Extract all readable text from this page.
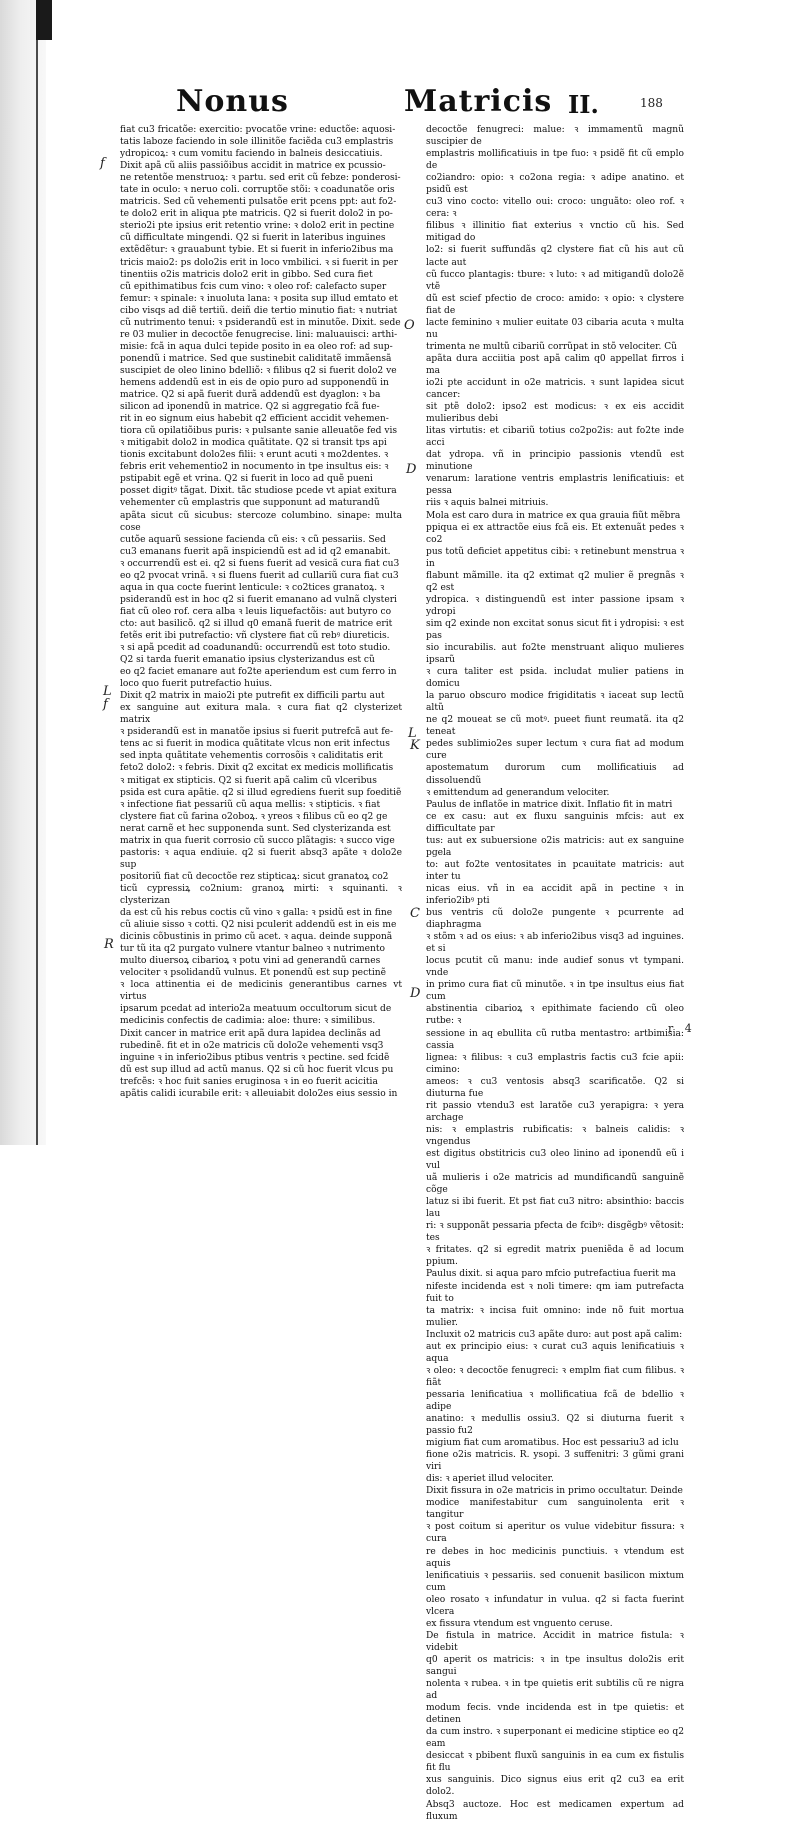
Nonus	Matricis II.	188
f
L
f
R
O
D
L
K
C
D

fiat cu3 fricatõe: exercitio: pvocatõe vrine: eductõe: aquosi-

tatis laboze faciendo in sole illinitõe faciẽda cu3 emplastris

ydropicoꝝ: ꝛ cum vomitu faciendo in balneis desiccatiuis.

Dixit apã cũ aliis passiõibus accidit in matrice ex pcussio-

ne retentõe menstruoꝝ: ꝛ partu. sed erit cũ febze: ponderosi-

tate in oculo: ꝛ neruo coli. corruptõe stõi: ꝛ coadunatõe oris

matricis. Sed cũ vehementi pulsatõe erit pcens ppt: aut fo2-

te dolo2 erit in aliqua pte matricis. Q2 si fuerit dolo2 in po-

sterio2i pte ipsius erit retentio vrine: ꝛ dolo2 erit in pectine

cũ difficultate mingendi. Q2 si fuerit in lateribus inguines

extẽdẽtur: ꝛ grauabunt tybie. Et si fuerit in inferio2ibus ma

tricis maio2: ps dolo2is erit in loco vmbilici. ꝛ si fuerit in per

tinentiis o2is matricis dolo2 erit in gibbo. Sed cura fiet

cũ epithimatibus fcis cum vino: ꝛ oleo rof: calefacto super

femur: ꝛ spinale: ꝛ inuoluta lana: ꝛ posita sup illud emtato et

cibo visqs ad diẽ tertiũ. deiñ die tertio minutio fiat: ꝛ nutriat

cũ nutrimento tenui: ꝛ psiderandũ est in minutõe. Dixit. sede

re 03 mulier in decoctõe fenugrecise. lini: maluauisci: arthi-

misie: fcã in aqua dulci tepide posito in ea oleo rof: ad sup-

ponendũ i matrice. Sed que sustinebit caliditatẽ immãensã

suscipiet de oleo linino bdelliõ: ꝛ filibus q2 si fuerit dolo2 ve

hemens addendũ est in eis de opio puro ad supponendũ in

matrice. Q2 si apã fuerit durã addendũ est dyaglon: ꝛ ba

silicon ad iponendũ in matrice. Q2 si aggregatio fcã fue-

rit in eo signum eius habebit q2 efficient accidit vehemen-

tiora cũ opilatiõibus puris: ꝛ pulsante sanie alleuatõe fed vis

ꝛ mitigabit dolo2 in modica quãtitate. Q2 si transit tps api

tionis excitabunt dolo2es filii: ꝛ erunt acuti ꝛ mo2dentes. ꝛ

febris erit vehementio2 in nocumento in tpe insultus eis: ꝛ

pstipabit egẽ et vrina. Q2 si fuerit in loco ad quẽ pueni

posset digitꝰ tãgat. Dixit. tãc studiose pcede vt apiat exitura

vehementer cũ emplastris que supponunt ad maturandũ

apãta sicut cũ sicubus: stercoze columbino. sinape: multa cose

cutõe aquarũ sessione facienda cũ eis: ꝛ cũ pessariis. Sed

cu3 emanans fuerit apã inspiciendũ est ad id q2 emanabit.

ꝛ occurrendũ est ei. q2 si fuens fuerit ad vesicã cura fiat cu3

eo q2 pvocat vrinã. ꝛ si fluens fuerit ad cullariũ cura fiat cu3

aqua in qua cocte fuerint lenticule: ꝛ co2tices granatoꝝ. ꝛ

psiderandũ est in hoc q2 si fuerit emanano ad vulnã clysteri

fiat cũ oleo rof. cera alba ꝛ leuis liquefactõis: aut butyro co

cto: aut basilicõ. q2 si illud q0 emanã fuerit de matrice erit

fetẽs erit ibi putrefactio: vñ clystere fiat cũ rebꝰ diureticis.

ꝛ si apã pcedit ad coadunandũ: occurrendũ est toto studio.

Q2 si tarda fuerit emanatio ipsius clysterizandus est cũ

eo q2 faciet emanare aut fo2te aperiendum est cum ferro in

loco quo fuerit putrefactio huius.

Dixit q2 matrix in maio2i pte putrefit ex difficili partu aut

ex sanguine aut exitura mala. ꝛ cura fiat q2 clysterizet matrix

ꝛ psiderandũ est in manatõe ipsius si fuerit putrefcã aut fe-

tens ac si fuerit in modica quãtitate vlcus non erit infectus

sed inpta quãtitate vehementis corrosõis ꝛ caliditatis erit

feto2 dolo2: ꝛ febris. Dixit q2 excitat ex medicis mollificatis

ꝛ mitigat ex stipticis. Q2 si fuerit apã calim cũ vlceribus

psida est cura apãtie. q2 si illud egrediens fuerit sup foeditiẽ

ꝛ infectione fiat pessariũ cũ aqua mellis: ꝛ stipticis. ꝛ fiat

clystere fiat cũ farina o2oboꝝ. ꝛ yreos ꝛ filibus cũ eo q2 ge

nerat carnẽ et hec supponenda sunt. Sed clysterizanda est

matrix in qua fuerit corrosio cũ succo plãtagis: ꝛ succo vige

pastoris: ꝛ aqua endiuie. q2 si fuerit absq3 apãte ꝛ dolo2e sup

positoriũ fiat cũ decoctõe rez stipticaꝝ: sicut granatoꝝ co2

ticũ cypressiꝝ co2nium: granoꝝ mirti: ꝛ squinanti. ꝛ clysterizan

da est cũ his rebus coctis cũ vino ꝛ galla: ꝛ psidũ est in fine

cũ aliuie sisso ꝛ cotti. Q2 nisi pculerit addendũ est in eis me

dicinis cõbustinis in primo cũ acet. ꝛ aqua. deinde supponã

tur tũ ita q2 purgato vulnere vtantur balneo ꝛ nutrimento

multo diuersoꝝ cibarioꝝ ꝛ potu vini ad generandũ carnes

velociter ꝛ psolidandũ vulnus. Et ponendũ est sup pectinẽ

ꝛ loca attinentia ei de medicinis generantibus carnes vt virtus

ipsarum pcedat ad interio2a meatuum occultorum sicut de

medicinis confectis de cadimia: aloe: thure: ꝛ similibus.

Dixit cancer in matrice erit apã dura lapidea declinãs ad

rubedinẽ. fit et in o2e matricis cũ dolo2e vehementi vsq3

inguine ꝛ in inferio2ibus ptibus ventris ꝛ pectine. sed fcidẽ

dũ est sup illud ad actũ manus. Q2 si cũ hoc fuerit vlcus pu

trefcẽs: ꝛ hoc fuit sanies eruginosa ꝛ in eo fuerit acicitia

apãtis calidi icurabile erit: ꝛ alleuiabit dolo2es eius sessio in

decoctõe fenugreci: malue: ꝛ immamentũ magnũ suscipier de

emplastris mollificatiuis in tpe fuo: ꝛ psidẽ fit cũ emplo de

co2iandro: opio: ꝛ co2ona regia: ꝛ adipe anatino. et psidũ est

cu3 vino cocto: vitello oui: croco: unguãto: oleo rof. ꝛ cera: ꝛ

filibus ꝛ illinitio fiat exterius ꝛ vnctio cũ his. Sed mitigad do

lo2: si fuerit suffundãs q2 clystere fiat cũ his aut cũ lacte aut

cũ fucco plantagis: tbure: ꝛ luto: ꝛ ad mitigandũ dolo2ẽ vtẽ

dũ est scief pfectio de croco: amido: ꝛ opio: ꝛ clystere fiat de

lacte feminino ꝛ mulier euitate 03 cibaria acuta ꝛ multa nu

trimenta ne multũ cibariũ corrũpat in stõ velociter. Cũ

apãta dura acciitia post apã calim q0 appellat firros i ma

io2i pte accidunt in o2e matricis. ꝛ sunt lapidea sicut cancer:

sit ptẽ dolo2: ipso2 est modicus: ꝛ ex eis accidit mulieribus debi

litas virtutis: et cibariũ totius co2po2is: aut fo2te inde acci

dat ydropa. vñ in principio passionis vtendũ est minutione

venarum: laratione ventris emplastris lenificatiuis: et pessa

riis ꝛ aquis balnei mitriuis.

Mola est caro dura in matrice ex qua grauia fiũt mẽbra

ppiqua ei ex attractõe eius fcã eis. Et extenuãt pedes ꝛ co2

pus totũ deficiet appetitus cibi: ꝛ retinebunt menstrua ꝛ in

flabunt mãmille. ita q2 extimat q2 mulier ẽ pregnãs ꝛ q2 est

ydropica. ꝛ distinguendũ est inter passione ipsam ꝛ ydropi

sim q2 exinde non excitat sonus sicut fit i ydropisi: ꝛ est pas

sio incurabilis. aut fo2te menstruant aliquo mulieres ipsarũ

ꝛ cura taliter est psida. includat mulier patiens in domicu

la paruo obscuro modice frigiditatis ꝛ iaceat sup lectũ altũ

ne q2 moueat se cũ motꝰ. pueet fiunt reumatã. ita q2 teneat

pedes sublimio2es super lectum ꝛ cura fiat ad modum cure

apostematum durorum cum mollificatiuis ad dissoluendũ

ꝛ emittendum ad generandum velociter.

Paulus de inflatõe in matrice dixit. Inflatio fit in matri

ce ex casu: aut ex fluxu sanguinis mfcis: aut ex difficultate par

tus: aut ex subuersione o2is matricis: aut ex sanguine pgela

to: aut fo2te ventositates in pcauitate matricis: aut inter tu

nicas eius. vñ in ea accidit apã in pectine ꝛ in inferio2ibꝰ pti

bus ventris cũ dolo2e pungente ꝛ pcurrente ad diaphragma

ꝛ stõm ꝛ ad os eius: ꝛ ab inferio2ibus visq3 ad inguines. et si

locus pcutit cũ manu: inde audief sonus vt tympani. vnde

in primo cura fiat cũ minutõe. ꝛ in tpe insultus eius fiat cum

abstinentia cibarioꝝ ꝛ epithimate faciendo cũ oleo rutbe: ꝛ

sessione in aq ebullita cũ rutba mentastro: artbimisia: cassia

lignea: ꝛ filibus: ꝛ cu3 emplastris factis cu3 fcie apii: cimino:

ameos: ꝛ cu3 ventosis absq3 scarificatõe. Q2 si diuturna fue

rit passio vtendu3 est laratõe cu3 yerapigra: ꝛ yera archage

nis: ꝛ emplastris rubificatis: ꝛ balneis calidis: ꝛ vngendus

est digitus obstitricis cu3 oleo linino ad iponendũ eũ i vul

uã mulieris i o2e matricis ad mundificandũ sanguinẽ cõge

latuz si ibi fuerit. Et pst fiat cu3 nitro: absinthio: baccis lau

ri: ꝛ supponãt pessaria pfecta de fcibꝰ: disgẽgbꝰ vẽtosit: tes

ꝛ fritates. q2 si egredit matrix pueniẽda ẽ ad locum ppium.

Paulus dixit. si aqua paro mfcio putrefactiua fuerit ma

nifeste incidenda est ꝛ noli timere: qm iam putrefacta fuit to

ta matrix: ꝛ incisa fuit omnino: inde nõ fuit mortua mulier.

Incluxit o2 matricis cu3 apãte duro: aut post apã calim:

aut ex principio eius: ꝛ curat cu3 aquis lenificatiuis ꝛ aqua

ꝛ oleo: ꝛ decoctõe fenugreci: ꝛ emplm fiat cum filibus. ꝛ fiãt

pessaria lenificatiua ꝛ mollificatiua fcã de bdellio ꝛ adipe

anatino: ꝛ medullis ossiu3. Q2 si diuturna fuerit ꝛ passio fu2

migium fiat cum aromatibus. Hoc est pessariu3 ad iclu

fione o2is matricis. R. ysopi. 3 suffenitri: 3 gũmi grani viri

dis: ꝛ aperiet illud velociter.

Dixit fissura in o2e matricis in primo occultatur. Deinde

modice manifestabitur cum sanguinolenta erit ꝛ tangitur

ꝛ post coitum si aperitur os vulue videbitur fissura: ꝛ cura

re debes in hoc medicinis punctiuis. ꝛ vtendum est aquis

lenificatiuis ꝛ pessariis. sed conuenit basilicon mixtum cum

oleo rosato ꝛ infundatur in vulua. q2 si facta fuerint vlcera

ex fissura vtendum est vnguento ceruse.

De fistula in matrice. Accidit in matrice fistula: ꝛ videbit

q0 aperit os matricis: ꝛ in tpe insultus dolo2is erit sangui

nolenta ꝛ rubea. ꝛ in tpe quietis erit subtilis cũ re nigra ad

modum fecis. vnde incidenda est in tpe quietis: et detinen

da cum instro. ꝛ superponant ei medicine stiptice eo q2 eam

desiccat ꝛ pbibent fluxũ sanguinis in ea cum ex fistulis fit flu

xus sanguinis. Dico signus eius erit q2 cu3 ea erit dolo2.

Absq3 auctoze. Hoc est medicamen expertum ad fluxum

r 4
